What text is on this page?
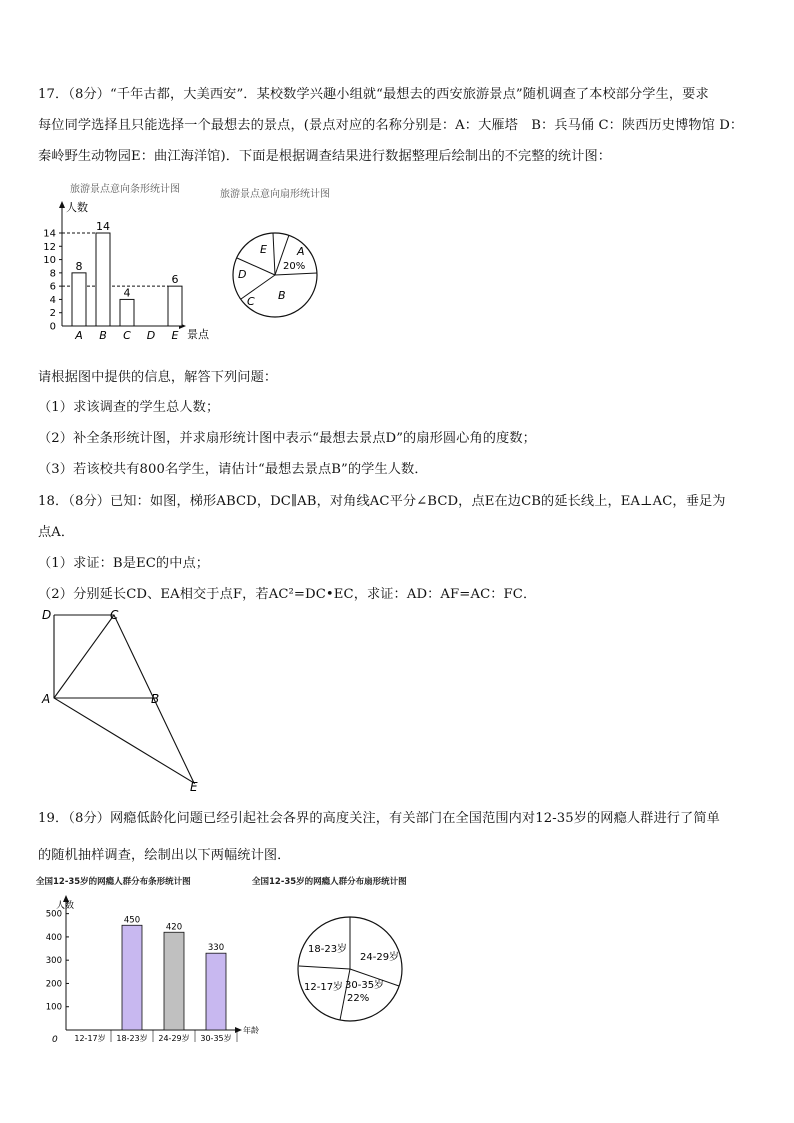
17．（8分）“千年古都，大美西安”．某校数学兴趣小组就“最想去的西安旅游景点”随机调查了本校部分学生，要求
每位同学选择且只能选择一个最想去的景点，(景点对应的名称分别是：A：大雁塔　B：兵马俑 C：陕西历史博物馆 D：
秦岭野生动物园E：曲江海洋馆)．下面是根据调查结果进行数据整理后绘制出的不完整的统计图：
旅游景点意向条形统计图
人数
景点
0
2
4
6
8
10
12
14
8
A
14
B
4
C D
6
E
旅游景点意向扇形统计图
A
20%
B
C
D
E
请根据图中提供的信息，解答下列问题：
（1）求该调查的学生总人数；
（2）补全条形统计图，并求扇形统计图中表示“最想去景点D”的扇形圆心角的度数；
（3）若该校共有800名学生，请估计“最想去景点B”的学生人数．
18．（8分）已知：如图，梯形ABCD，DC∥AB，对角线AC平分∠BCD，点E在边CB的延长线上，EA⊥AC，垂足为
点A．
（1）求证：B是EC的中点；
（2）分别延长CD、EA相交于点F，若AC²=DC•EC，求证：AD：AF=AC：FC．
D	C
A	B
E
19．（8分）网瘾低龄化问题已经引起社会各界的高度关注，有关部门在全国范围内对12-35岁的网瘾人群进行了简单
的随机抽样调查，绘制出以下两幅统计图．
全国12-35岁的网瘾人群分布条形统计图
人数
年龄
0
100
200
300
400
500
12-17岁
450
18-23岁
420
24-29岁
330
30-35岁
全国12-35岁的网瘾人群分布扇形统计图
18-23岁
24-29岁
12-17岁 30-35岁
22%
